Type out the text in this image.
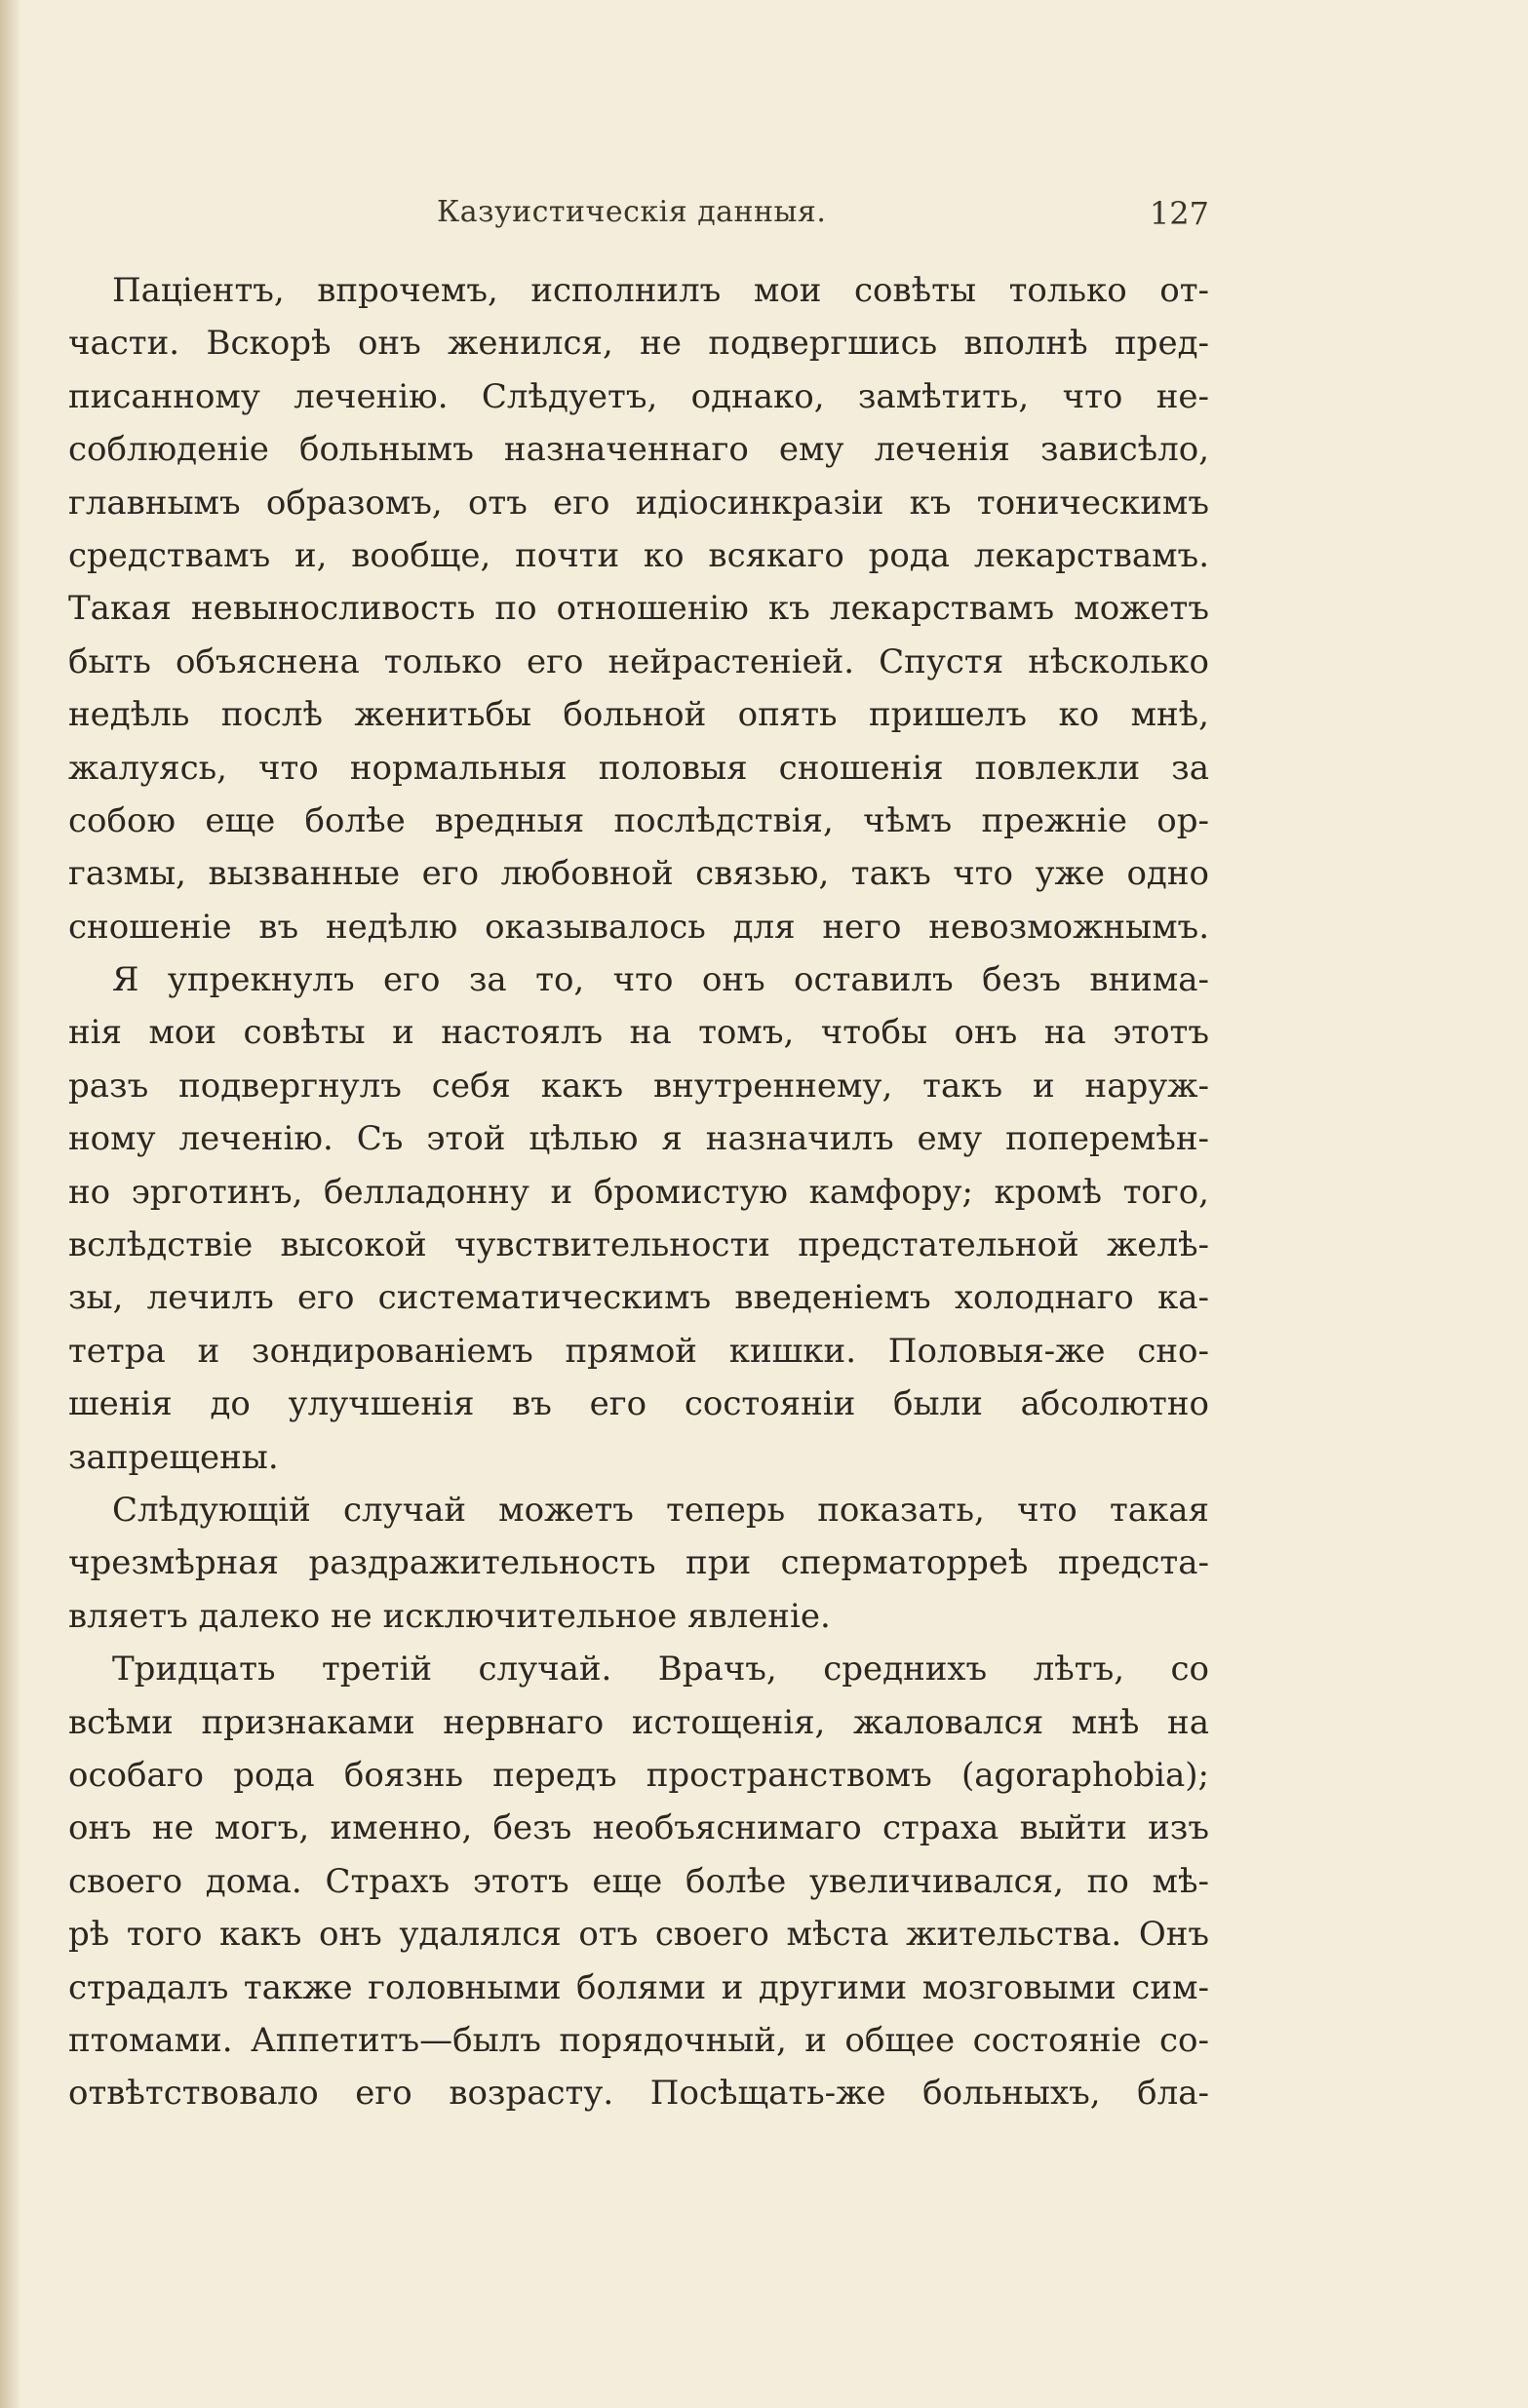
Казуистическія данныя.	127
Паціентъ, впрочемъ, исполнилъ мои совѣты только от-
части. Вскорѣ онъ женился, не подвергшись вполнѣ пред-
писанному леченію. Слѣдуетъ, однако, замѣтить, что не-
соблюденіе больнымъ назначеннаго ему леченія зависѣло,
главнымъ образомъ, отъ его идіосинкразіи къ тоническимъ
средствамъ и, вообще, почти ко всякаго рода лекарствамъ.
Такая невыносливость по отношенію къ лекарствамъ можетъ
быть объяснена только его нейрастеніей. Спустя нѣсколько
недѣль послѣ женитьбы больной опять пришелъ ко мнѣ,
жалуясь, что нормальныя половыя сношенія повлекли за
собою еще болѣе вредныя послѣдствія, чѣмъ прежніе ор-
газмы, вызванные его любовной связью, такъ что уже одно
сношеніе въ недѣлю оказывалось для него невозможнымъ.
Я упрекнулъ его за то, что онъ оставилъ безъ внима-
нія мои совѣты и настоялъ на томъ, чтобы онъ на этотъ
разъ подвергнулъ себя какъ внутреннему, такъ и наруж-
ному леченію. Съ этой цѣлью я назначилъ ему поперемѣн-
но эрготинъ, белладонну и бромистую камфору; кромѣ того,
вслѣдствіе высокой чувствительности предстательной желѣ-
зы, лечилъ его систематическимъ введеніемъ холоднаго ка-
тетра и зондированіемъ прямой кишки. Половыя-же сно-
шенія до улучшенія въ его состояніи были абсолютно
запрещены.
Слѣдующій случай можетъ теперь показать, что такая
чрезмѣрная раздражительность при сперматорреѣ предста-
вляетъ далеко не исключительное явленіе.
Тридцать третій случай. Врачъ, среднихъ лѣтъ, со
всѣми признаками нервнаго истощенія, жаловался мнѣ на
особаго рода боязнь передъ пространствомъ (agoraphobia);
онъ не могъ, именно, безъ необъяснимаго страха выйти изъ
своего дома. Страхъ этотъ еще болѣе увеличивался, по мѣ-
рѣ того какъ онъ удалялся отъ своего мѣста жительства. Онъ
страдалъ также головными болями и другими мозговыми сим-
птомами. Аппетитъ—былъ порядочный, и общее состояніе со-
отвѣтствовало его возрасту. Посѣщать-же больныхъ, бла-
